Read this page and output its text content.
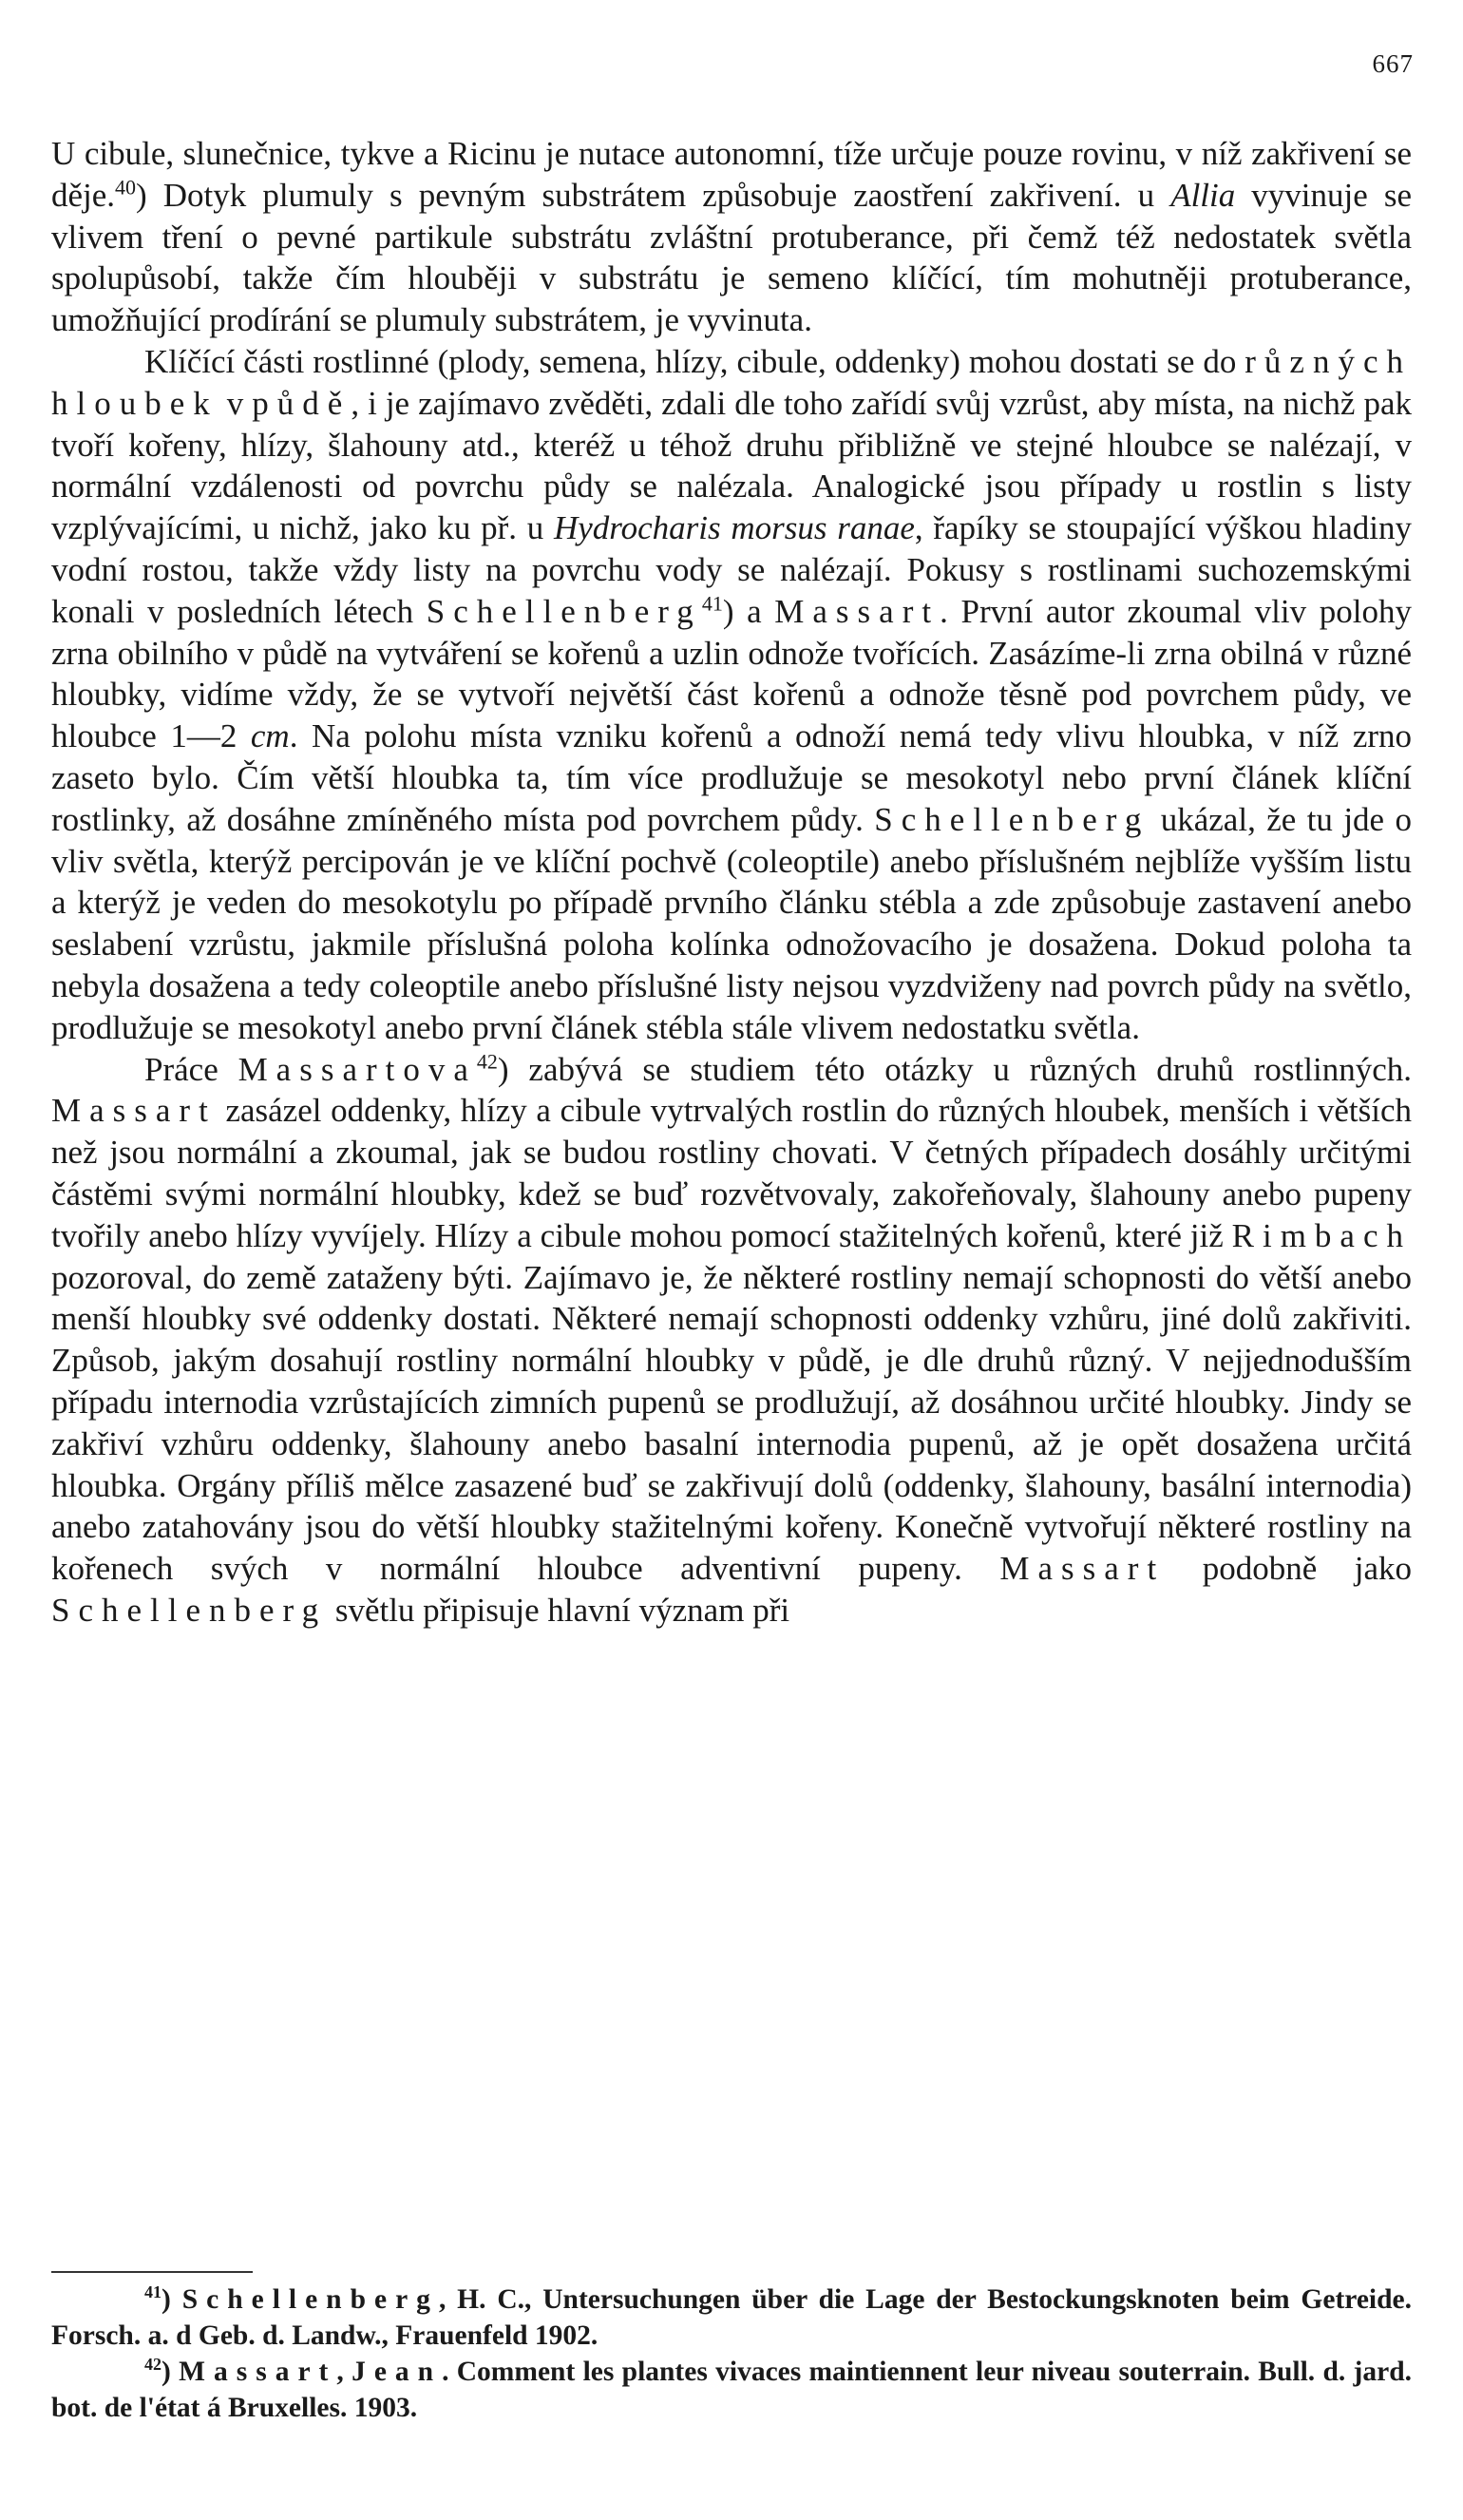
667

U cibule, slunečnice, tykve a Ricinu je nutace autonomní, tíže určuje pouze rovinu, v níž zakřivení se děje.$^{40}$) Dotyk plumuly s pevným substrátem způsobuje zaostření zakřivení. u Allia vyvinuje se vlivem tření o pevné partikule substrátu zvláštní protuberance, při čemž též nedostatek světla spolupůsobí, takže čím hlouběji v substrátu je semeno klíčící, tím mohutněji protuberance, umožňující prodírání se plumuly substrátem, je vyvinuta.

Klíčící části rostlinné (plody, semena, hlízy, cibule, oddenky) mohou dostati se do různých hloubek v půdě, i je zajímavo zvěděti, zdali dle toho zařídí svůj vzrůst, aby místa, na nichž pak tvoří kořeny, hlízy, šlahouny atd., kteréž u téhož druhu přibližně ve stejné hloubce se nalézají, v normální vzdálenosti od povrchu půdy se nalézala. Analogické jsou případy u rostlin s listy vzplývajícími, u nichž, jako ku př. u Hydrocharis morsus ranae, řapíky se stoupající výškou hladiny vodní rostou, takže vždy listy na povrchu vody se nalézají. Pokusy s rostlinami suchozemskými konali v posledních létech Schellenberg$^{41}$) a Massart. První autor zkoumal vliv polohy zrna obilního v půdě na vytváření se kořenů a uzlin odnože tvořících. Zasázíme-li zrna obilná v různé hloubky, vidíme vždy, že se vytvoří největší část kořenů a odnože těsně pod povrchem půdy, ve hloubce 1—2 cm. Na polohu místa vzniku kořenů a odnoží nemá tedy vlivu hloubka, v níž zrno zaseto bylo. Čím větší hloubka ta, tím více prodlužuje se mesokotyl nebo první článek klíční rostlinky, až dosáhne zmíněného místa pod povrchem půdy. Schellenberg ukázal, že tu jde o vliv světla, kterýž percipován je ve klíční pochvě (coleoptile) anebo příslušném nejblíže vyšším listu a kterýž je veden do mesokotylu po případě prvního článku stébla a zde způsobuje zastavení anebo seslabení vzrůstu, jakmile příslušná poloha kolínka odnožovacího je dosažena. Dokud poloha ta nebyla dosažena a tedy coleoptile anebo příslušné listy nejsou vyzdviženy nad povrch půdy na světlo, prodlužuje se mesokotyl anebo první článek stébla stále vlivem nedostatku světla.

Práce Massartova$^{42}$) zabývá se studiem této otázky u různých druhů rostlinných. Massart zasázel oddenky, hlízy a cibule vytrvalých rostlin do různých hloubek, menších i větších než jsou normální a zkoumal, jak se budou rostliny chovati. V četných případech dosáhly určitými částěmi svými normální hloubky, kdež se buď rozvětvovaly, zakořeňovaly, šlahouny anebo pupeny tvořily anebo hlízy vyvíjely. Hlízy a cibule mohou pomocí stažitelných kořenů, které již Rimbach pozoroval, do země zataženy býti. Zajímavo je, že některé rostliny nemají schopnosti do větší anebo menší hloubky své oddenky dostati. Některé nemají schopnosti oddenky vzhůru, jiné dolů zakřiviti. Způsob, jakým dosahují rostliny normální hloubky v půdě, je dle druhů různý. V nejjednodušším případu internodia vzrůstajících zimních pupenů se prodlužují, až dosáhnou určité hloubky. Jindy se zakřiví vzhůru oddenky, šlahouny anebo basalní internodia pupenů, až je opět dosažena určitá hloubka. Orgány příliš mělce zasazené buď se zakřivují dolů (oddenky, šlahouny, basální internodia) anebo zatahovány jsou do větší hloubky stažitelnými kořeny. Konečně vytvořují některé rostliny na kořenech svých v normální hloubce adventivní pupeny. Massart podobně jako Schellenberg světlu připisuje hlavní význam při

$^{41}$) Schellenberg, H. C., Untersuchungen über die Lage der Bestockungsknoten beim Getreide. Forsch. a. d Geb. d. Landw., Frauenfeld 1902.

$^{42}$) Massart, Jean. Comment les plantes vivaces maintiennent leur niveau souterrain. Bull. d. jard. bot. de l'état á Bruxelles. 1903.
